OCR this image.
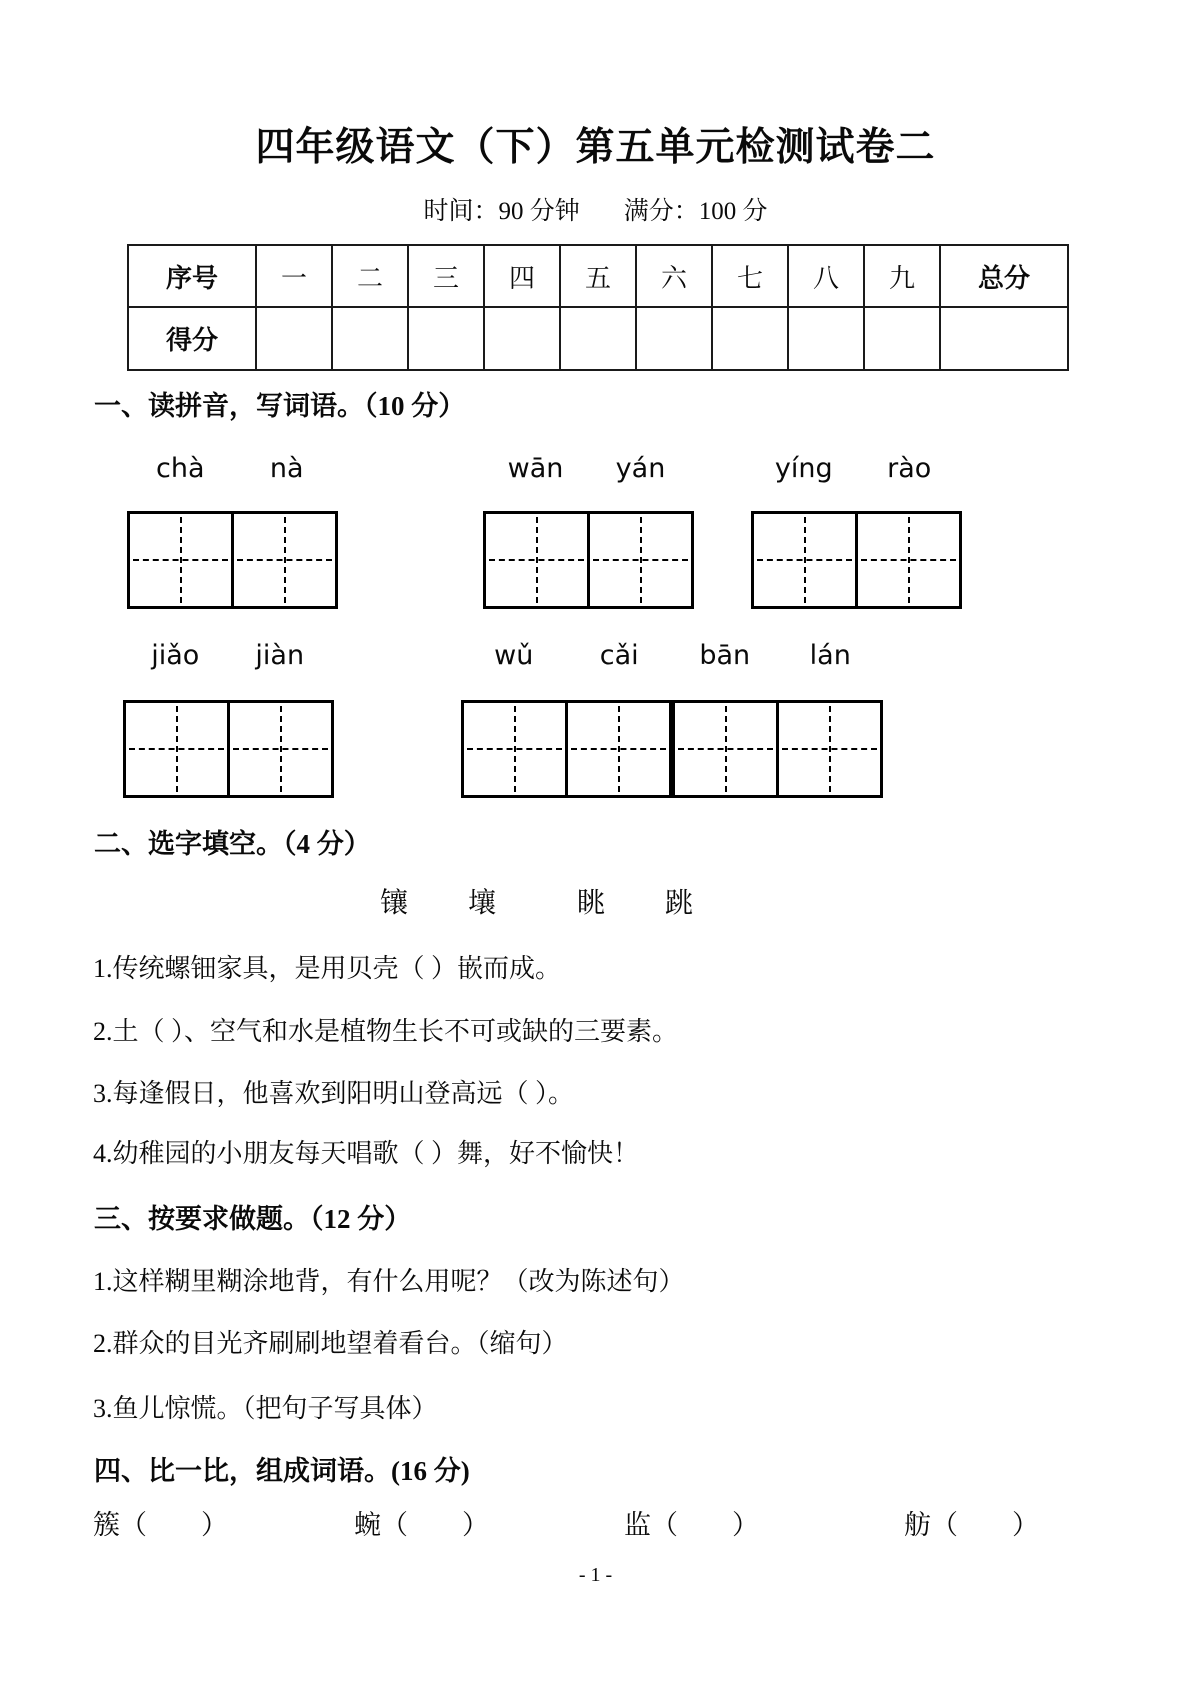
四年级语文（下）第五单元检测试卷二
时间：90 分钟 满分：100 分
序号	一	二	三	四	五	六	七	八	九	总分
得分										
一、读拼音，写词语。（10 分）
chà	nà	wān	yán	yíng	rào
jiǎo	jiàn	wǔ	cǎi	bān	lán
二、选字填空。（4 分）
镶 壤	眺 跳
1.传统螺钿家具，是用贝壳（ ）嵌而成。
2.土（ ）、空气和水是植物生长不可或缺的三要素。
3.每逢假日，他喜欢到阳明山登高远（ ）。
4.幼稚园的小朋友每天唱歌（ ）舞，好不愉快！
三、按要求做题。（12 分）
1.这样糊里糊涂地背，有什么用呢？（改为陈述句）
2.群众的目光齐刷刷地望着看台。（缩句）
3.鱼儿惊慌。（把句子写具体）
四、比一比，组成词语。(16 分)
簇（　　）	蜿（　　）	监（　　）	舫（　　）
- 1 -
